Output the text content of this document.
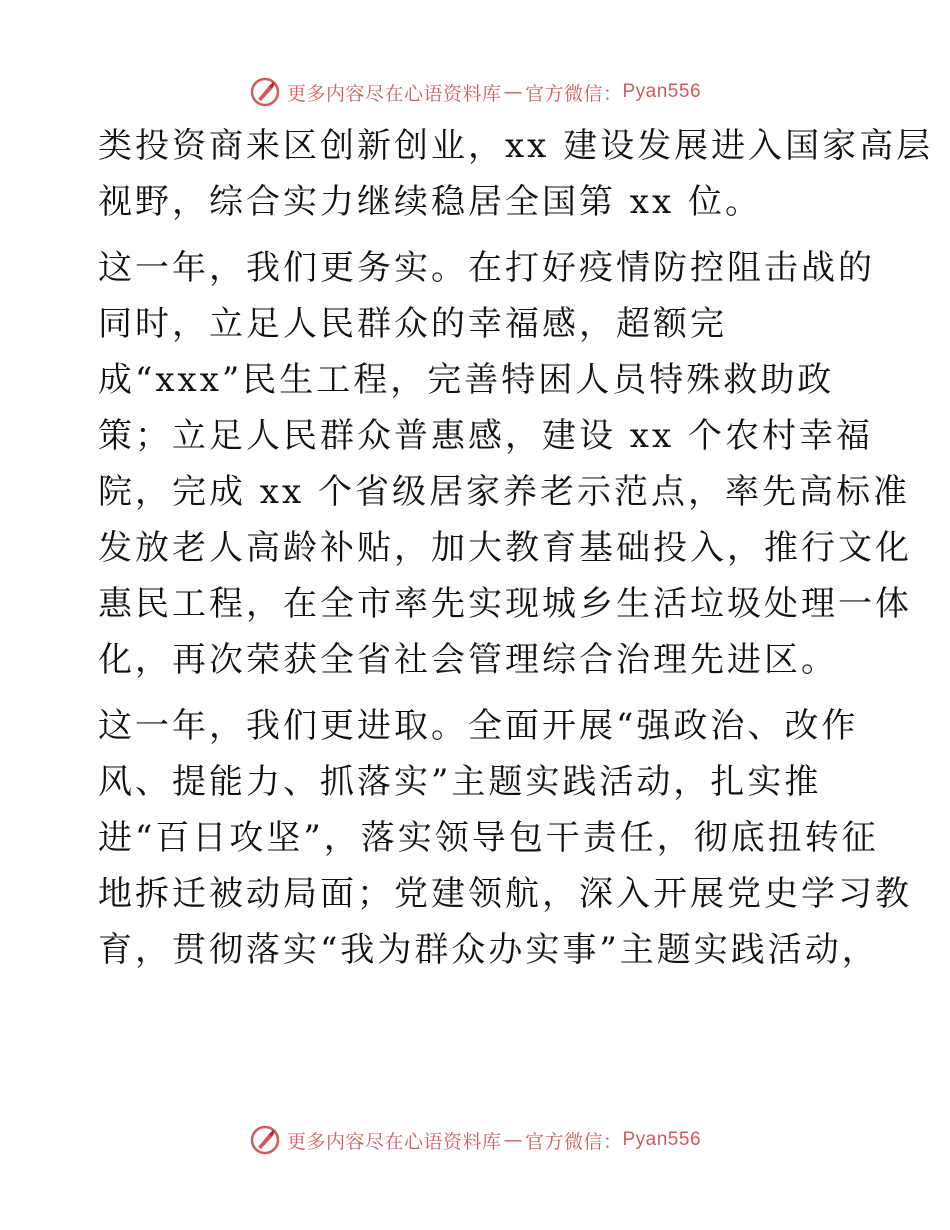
更多内容尽在心语资料库 — 官方微信： Pyan556
类投资商来区创新创业，xx 建设发展进入国家高层
视野，综合实力继续稳居全国第 xx 位。
这一年，我们更务实。在打好疫情防控阻击战的
同时，立足人民群众的幸福感，超额完
成“xxx”民生工程，完善特困人员特殊救助政
策；立足人民群众普惠感，建设 xx 个农村幸福
院，完成 xx 个省级居家养老示范点，率先高标准
发放老人高龄补贴，加大教育基础投入，推行文化
惠民工程，在全市率先实现城乡生活垃圾处理一体
化，再次荣获全省社会管理综合治理先进区。
这一年，我们更进取。全面开展“强政治、改作
风、提能力、抓落实”主题实践活动，扎实推
进“百日攻坚”，落实领导包干责任，彻底扭转征
地拆迁被动局面；党建领航，深入开展党史学习教
育，贯彻落实“我为群众办实事”主题实践活动，
更多内容尽在心语资料库 — 官方微信： Pyan556
